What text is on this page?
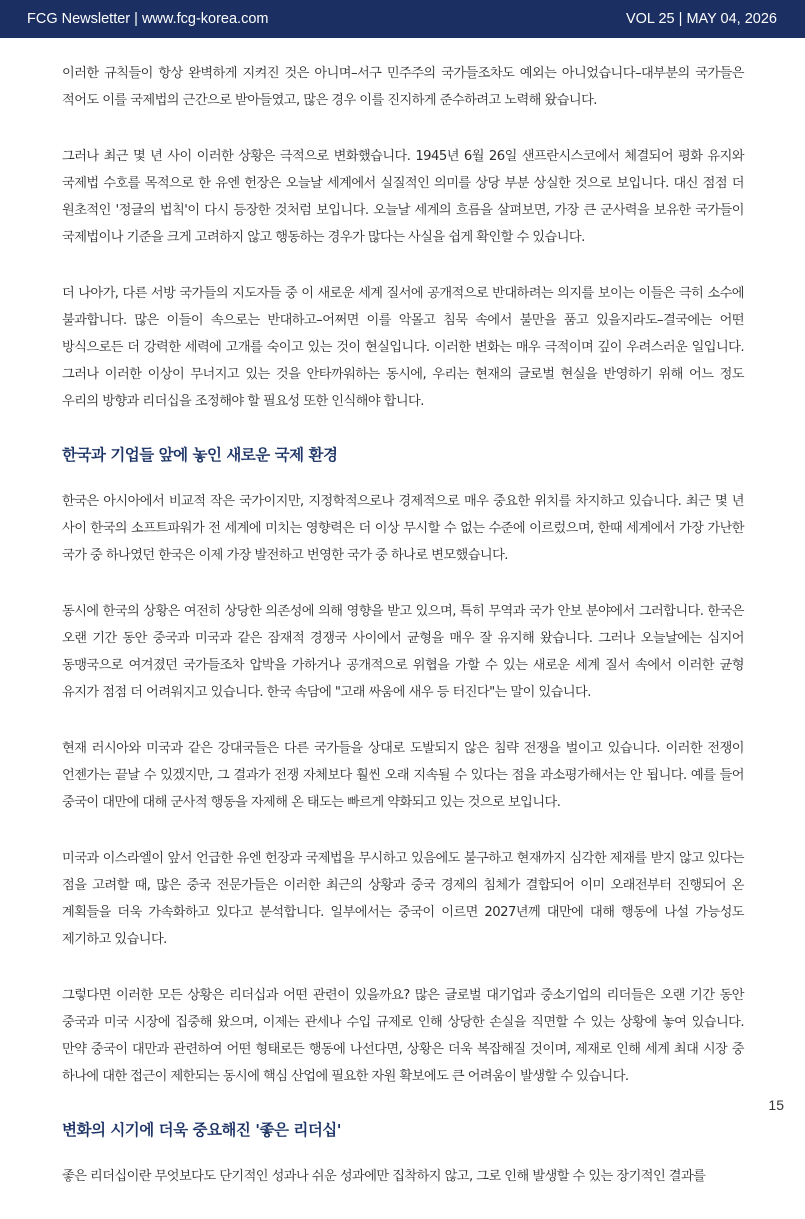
FCG Newsletter | www.fcg-korea.com	VOL 25 | MAY 04, 2026

이러한 규칙들이 항상 완벽하게 지켜진 것은 아니며–서구 민주주의 국가들조차도 예외는 아니었습니다–대부분의 국가들은 적어도 이를 국제법의 근간으로 받아들였고, 많은 경우 이를 진지하게 준수하려고 노력해 왔습니다.

그러나 최근 몇 년 사이 이러한 상황은 극적으로 변화했습니다. 1945년 6월 26일 샌프란시스코에서 체결되어 평화 유지와 국제법 수호를 목적으로 한 유엔 헌장은 오늘날 세계에서 실질적인 의미를 상당 부분 상실한 것으로 보입니다. 대신 점점 더 원초적인 '정글의 법칙'이 다시 등장한 것처럼 보입니다. 오늘날 세계의 흐름을 살펴보면, 가장 큰 군사력을 보유한 국가들이 국제법이나 기준을 크게 고려하지 않고 행동하는 경우가 많다는 사실을 쉽게 확인할 수 있습니다.

더 나아가, 다른 서방 국가들의 지도자들 중 이 새로운 세계 질서에 공개적으로 반대하려는 의지를 보이는 이들은 극히 소수에 불과합니다. 많은 이들이 속으로는 반대하고–어쩌면 이를 악몰고 침묵 속에서 불만을 품고 있을지라도–결국에는 어떤 방식으로든 더 강력한 세력에 고개를 숙이고 있는 것이 현실입니다. 이러한 변화는 매우 극적이며 깊이 우려스러운 일입니다. 그러나 이러한 이상이 무너지고 있는 것을 안타까워하는 동시에, 우리는 현재의 글로벌 현실을 반영하기 위해 어느 정도 우리의 방향과 리더십을 조정해야 할 필요성 또한 인식해야 합니다.

한국과 기업들 앞에 놓인 새로운 국제 환경

한국은 아시아에서 비교적 작은 국가이지만, 지정학적으로나 경제적으로 매우 중요한 위치를 차지하고 있습니다. 최근 몇 년 사이 한국의 소프트파워가 전 세계에 미치는 영향력은 더 이상 무시할 수 없는 수준에 이르렀으며, 한때 세계에서 가장 가난한 국가 중 하나였던 한국은 이제 가장 발전하고 번영한 국가 중 하나로 변모했습니다.

동시에 한국의 상황은 여전히 상당한 의존성에 의해 영향을 받고 있으며, 특히 무역과 국가 안보 분야에서 그러합니다. 한국은 오랜 기간 동안 중국과 미국과 같은 잠재적 경쟁국 사이에서 균형을 매우 잘 유지해 왔습니다. 그러나 오늘날에는 심지어 동맹국으로 여겨졌던 국가들조차 압박을 가하거나 공개적으로 위협을 가할 수 있는 새로운 세계 질서 속에서 이러한 균형 유지가 점점 더 어려워지고 있습니다. 한국 속담에 "고래 싸움에 새우 등 터진다"는 말이 있습니다.

현재 러시아와 미국과 같은 강대국들은 다른 국가들을 상대로 도발되지 않은 침략 전쟁을 벌이고 있습니다. 이러한 전쟁이 언젠가는 끝날 수 있겠지만, 그 결과가 전쟁 자체보다 훨씬 오래 지속될 수 있다는 점을 과소평가해서는 안 됩니다. 예를 들어 중국이 대만에 대해 군사적 행동을 자제해 온 태도는 빠르게 약화되고 있는 것으로 보입니다.

미국과 이스라엘이 앞서 언급한 유엔 헌장과 국제법을 무시하고 있음에도 불구하고 현재까지 심각한 제재를 받지 않고 있다는 점을 고려할 때, 많은 중국 전문가들은 이러한 최근의 상황과 중국 경제의 침체가 결합되어 이미 오래전부터 진행되어 온 계획들을 더욱 가속화하고 있다고 분석합니다. 일부에서는 중국이 이르면 2027년께 대만에 대해 행동에 나설 가능성도 제기하고 있습니다.

그렇다면 이러한 모든 상황은 리더십과 어떤 관련이 있을까요? 많은 글로벌 대기업과 중소기업의 리더들은 오랜 기간 동안 중국과 미국 시장에 집중해 왔으며, 이제는 관세나 수입 규제로 인해 상당한 손실을 직면할 수 있는 상황에 놓여 있습니다. 만약 중국이 대만과 관련하여 어떤 형태로든 행동에 나선다면, 상황은 더욱 복잡해질 것이며, 제재로 인해 세계 최대 시장 중 하나에 대한 접근이 제한되는 동시에 핵심 산업에 필요한 자원 확보에도 큰 어려움이 발생할 수 있습니다.

변화의 시기에 더욱 중요해진 '좋은 리더십'

좋은 리더십이란 무엇보다도 단기적인 성과나 쉬운 성과에만 집착하지 않고, 그로 인해 발생할 수 있는 장기적인 결과를

15
